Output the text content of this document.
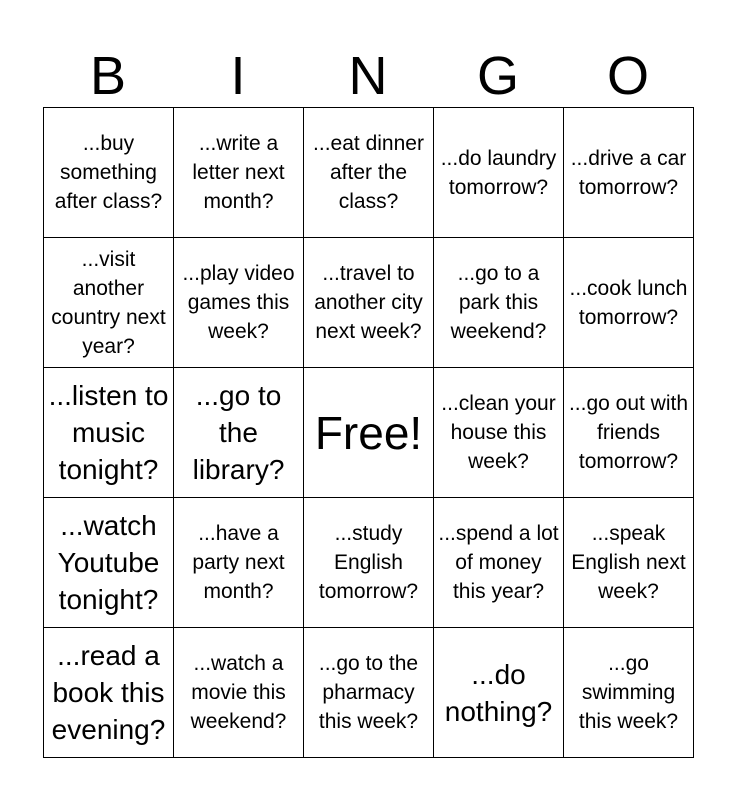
B	I	N	G	O
...buy something after class?	...write a letter next month?	...eat dinner after the class?	...do laundry tomorrow?	...drive a car tomorrow?
...visit another country next year?	...play video games this week?	...travel to another city next week?	...go to a park this weekend?	...cook lunch tomorrow?
...listen to music tonight?	...go to the library?	Free!	...clean your house this week?	...go out with friends tomorrow?
...watch Youtube tonight?	...have a party next month?	...study English tomorrow?	...spend a lot of money this year?	...speak English next week?
...read a book this evening?	...watch a movie this weekend?	...go to the pharmacy this week?	...do nothing?	...go swimming this week?
